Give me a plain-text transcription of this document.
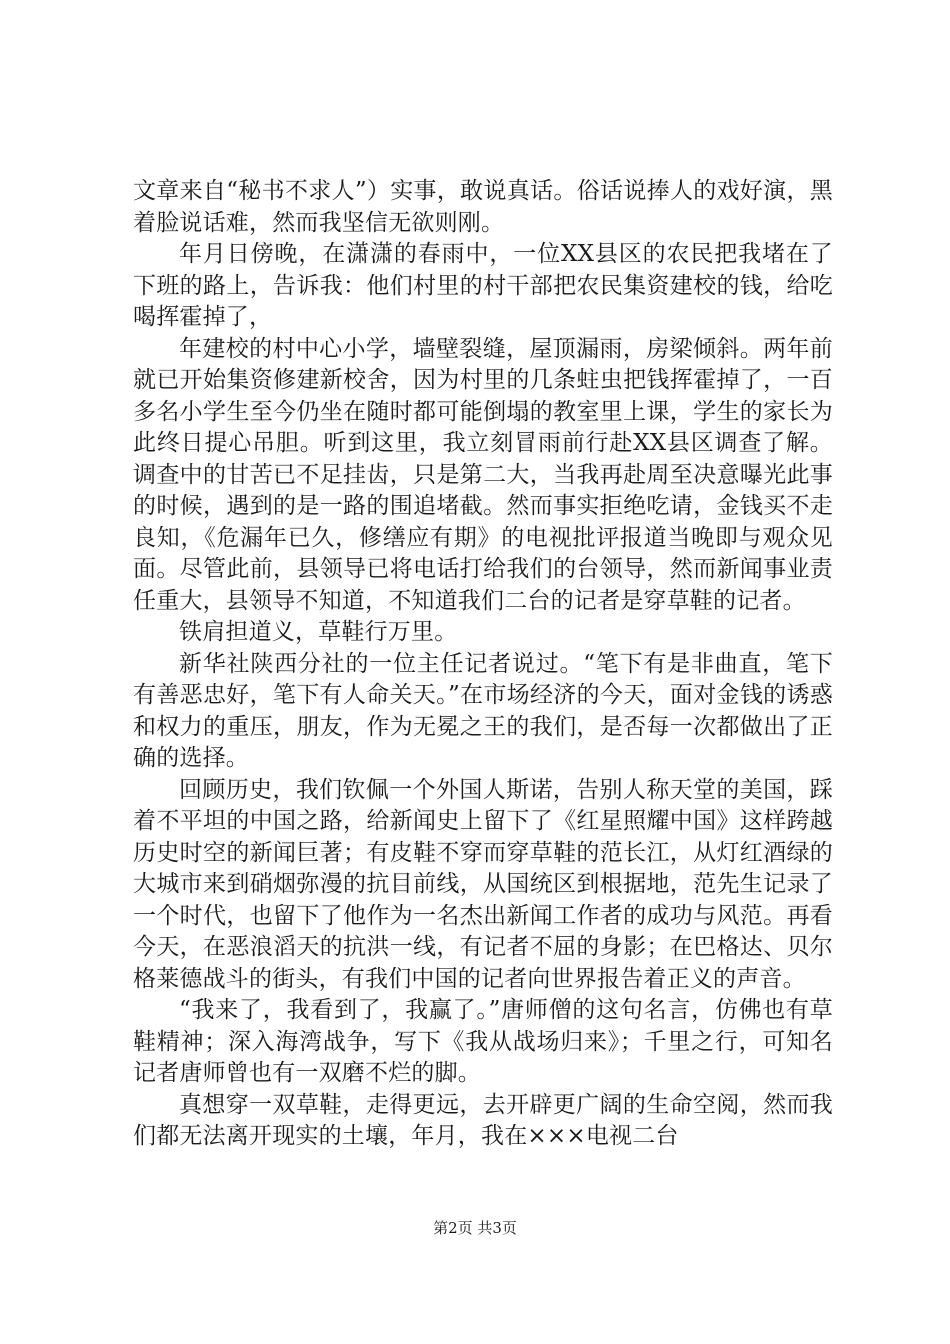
文章来自“秘书不求人”）实事，敢说真话。俗话说捧人的戏好演，黑着脸说话难，然而我坚信无欲则刚。

年月日傍晚，在潇潇的春雨中，一位XX县区的农民把我堵在了下班的路上，告诉我：他们村里的村干部把农民集资建校的钱，给吃喝挥霍掉了，

年建校的村中心小学，墙壁裂缝，屋顶漏雨，房梁倾斜。两年前就已开始集资修建新校舍，因为村里的几条蛀虫把钱挥霍掉了，一百多名小学生至今仍坐在随时都可能倒塌的教室里上课，学生的家长为此终日提心吊胆。听到这里，我立刻冒雨前行赴XX县区调查了解。调查中的甘苦已不足挂齿，只是第二大，当我再赴周至决意曝光此事的时候，遇到的是一路的围追堵截。然而事实拒绝吃请，金钱买不走良知，《危漏年已久，修缮应有期》的电视批评报道当晚即与观众见面。尽管此前，县领导已将电话打给我们的台领导，然而新闻事业责任重大，县领导不知道，不知道我们二台的记者是穿草鞋的记者。

铁肩担道义，草鞋行万里。

新华社陕西分社的一位主任记者说过。“笔下有是非曲直，笔下有善恶忠好，笔下有人命关天。”在市场经济的今天，面对金钱的诱惑和权力的重压，朋友，作为无冕之王的我们，是否每一次都做出了正确的选择。

回顾历史，我们钦佩一个外国人斯诺，告别人称天堂的美国，踩着不平坦的中国之路，给新闻史上留下了《红星照耀中国》这样跨越历史时空的新闻巨著；有皮鞋不穿而穿草鞋的范长江，从灯红酒绿的大城市来到硝烟弥漫的抗目前线，从国统区到根据地，范先生记录了一个时代，也留下了他作为一名杰出新闻工作者的成功与风范。再看今天，在恶浪滔天的抗洪一线，有记者不屈的身影；在巴格达、贝尔格莱德战斗的街头，有我们中国的记者向世界报告着正义的声音。

“我来了，我看到了，我赢了。”唐师僧的这句名言，仿佛也有草鞋精神；深入海湾战争，写下《我从战场归来》；千里之行，可知名记者唐师曾也有一双磨不烂的脚。

真想穿一双草鞋，走得更远，去开辟更广阔的生命空阅，然而我们都无法离开现实的土壤，年月，我在×××电视二台

第2页 共3页
